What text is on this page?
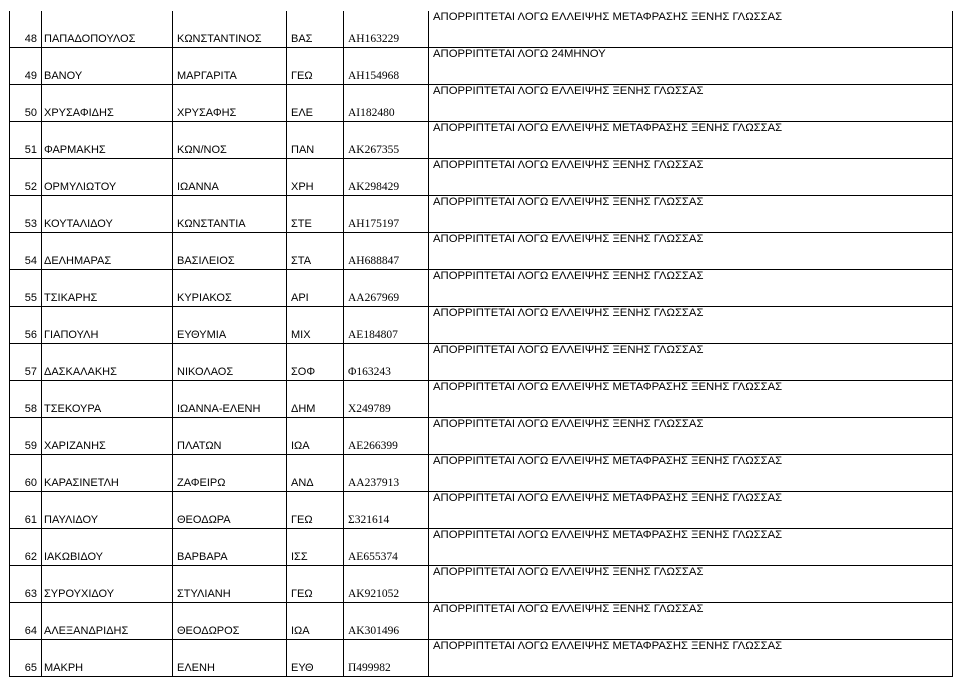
48	ΠΑΠΑΔΟΠΟΥΛΟΣ	ΚΩΝΣΤΑΝΤΙΝΟΣ	ΒΑΣ	ΑΗ163229	ΑΠΟΡΡΙΠΤΕΤΑΙ ΛΟΓΩ ΕΛΛΕΙΨΗΣ ΜΕΤΑΦΡΑΣΗΣ ΞΕΝΗΣ ΓΛΩΣΣΑΣ
49	ΒΑΝΟΥ	ΜΑΡΓΑΡΙΤΑ	ΓΕΩ	ΑΗ154968	ΑΠΟΡΡΙΠΤΕΤΑΙ ΛΟΓΩ 24ΜΗΝΟΥ
50	ΧΡΥΣΑΦΙΔΗΣ	ΧΡΥΣΑΦΗΣ	ΕΛΕ	ΑΙ182480	ΑΠΟΡΡΙΠΤΕΤΑΙ ΛΟΓΩ ΕΛΛΕΙΨΗΣ ΞΕΝΗΣ ΓΛΩΣΣΑΣ
51	ΦΑΡΜΑΚΗΣ	ΚΩΝ/ΝΟΣ	ΠΑΝ	ΑΚ267355	ΑΠΟΡΡΙΠΤΕΤΑΙ ΛΟΓΩ ΕΛΛΕΙΨΗΣ ΜΕΤΑΦΡΑΣΗΣ ΞΕΝΗΣ ΓΛΩΣΣΑΣ
52	ΟΡΜΥΛΙΩΤΟΥ	ΙΩΑΝΝΑ	ΧΡΗ	ΑΚ298429	ΑΠΟΡΡΙΠΤΕΤΑΙ ΛΟΓΩ ΕΛΛΕΙΨΗΣ ΞΕΝΗΣ ΓΛΩΣΣΑΣ
53	ΚΟΥΤΑΛΙΔΟΥ	ΚΩΝΣΤΑΝΤΙΑ	ΣΤΕ	ΑΗ175197	ΑΠΟΡΡΙΠΤΕΤΑΙ ΛΟΓΩ ΕΛΛΕΙΨΗΣ ΞΕΝΗΣ ΓΛΩΣΣΑΣ
54	ΔΕΛΗΜΑΡΑΣ	ΒΑΣΙΛΕΙΟΣ	ΣΤΑ	ΑΗ688847	ΑΠΟΡΡΙΠΤΕΤΑΙ ΛΟΓΩ ΕΛΛΕΙΨΗΣ ΞΕΝΗΣ ΓΛΩΣΣΑΣ
55	ΤΣΙΚΑΡΗΣ	ΚΥΡΙΑΚΟΣ	ΑΡΙ	ΑΑ267969	ΑΠΟΡΡΙΠΤΕΤΑΙ ΛΟΓΩ ΕΛΛΕΙΨΗΣ ΞΕΝΗΣ ΓΛΩΣΣΑΣ
56	ΓΙΑΠΟΥΛΗ	ΕΥΘΥΜΙΑ	ΜΙΧ	ΑΕ184807	ΑΠΟΡΡΙΠΤΕΤΑΙ ΛΟΓΩ ΕΛΛΕΙΨΗΣ ΞΕΝΗΣ ΓΛΩΣΣΑΣ
57	ΔΑΣΚΑΛΑΚΗΣ	ΝΙΚΟΛΑΟΣ	ΣΟΦ	Φ163243	ΑΠΟΡΡΙΠΤΕΤΑΙ ΛΟΓΩ ΕΛΛΕΙΨΗΣ ΞΕΝΗΣ ΓΛΩΣΣΑΣ
58	ΤΣΕΚΟΥΡΑ	ΙΩΑΝΝΑ-ΕΛΕΝΗ	ΔΗΜ	Χ249789	ΑΠΟΡΡΙΠΤΕΤΑΙ ΛΟΓΩ ΕΛΛΕΙΨΗΣ ΜΕΤΑΦΡΑΣΗΣ ΞΕΝΗΣ ΓΛΩΣΣΑΣ
59	ΧΑΡΙΖΑΝΗΣ	ΠΛΑΤΩΝ	ΙΩΑ	ΑΕ266399	ΑΠΟΡΡΙΠΤΕΤΑΙ ΛΟΓΩ ΕΛΛΕΙΨΗΣ ΞΕΝΗΣ ΓΛΩΣΣΑΣ
60	ΚΑΡΑΣΙΝΕΤΛΗ	ΖΑΦΕΙΡΩ	ΑΝΔ	ΑΑ237913	ΑΠΟΡΡΙΠΤΕΤΑΙ ΛΟΓΩ ΕΛΛΕΙΨΗΣ ΜΕΤΑΦΡΑΣΗΣ ΞΕΝΗΣ ΓΛΩΣΣΑΣ
61	ΠΑΥΛΙΔΟΥ	ΘΕΟΔΩΡΑ	ΓΕΩ	Σ321614	ΑΠΟΡΡΙΠΤΕΤΑΙ ΛΟΓΩ ΕΛΛΕΙΨΗΣ ΜΕΤΑΦΡΑΣΗΣ ΞΕΝΗΣ ΓΛΩΣΣΑΣ
62	ΙΑΚΩΒΙΔΟΥ	ΒΑΡΒΑΡΑ	ΙΣΣ	ΑΕ655374	ΑΠΟΡΡΙΠΤΕΤΑΙ ΛΟΓΩ ΕΛΛΕΙΨΗΣ ΜΕΤΑΦΡΑΣΗΣ ΞΕΝΗΣ ΓΛΩΣΣΑΣ
63	ΣΥΡΟΥΧΙΔΟΥ	ΣΤΥΛΙΑΝΗ	ΓΕΩ	ΑΚ921052	ΑΠΟΡΡΙΠΤΕΤΑΙ ΛΟΓΩ ΕΛΛΕΙΨΗΣ ΞΕΝΗΣ ΓΛΩΣΣΑΣ
64	ΑΛΕΞΑΝΔΡΙΔΗΣ	ΘΕΟΔΩΡΟΣ	ΙΩΑ	ΑΚ301496	ΑΠΟΡΡΙΠΤΕΤΑΙ ΛΟΓΩ ΕΛΛΕΙΨΗΣ ΞΕΝΗΣ ΓΛΩΣΣΑΣ
65	ΜΑΚΡΗ	ΕΛΕΝΗ	ΕΥΘ	Π499982	ΑΠΟΡΡΙΠΤΕΤΑΙ ΛΟΓΩ ΕΛΛΕΙΨΗΣ ΜΕΤΑΦΡΑΣΗΣ ΞΕΝΗΣ ΓΛΩΣΣΑΣ
